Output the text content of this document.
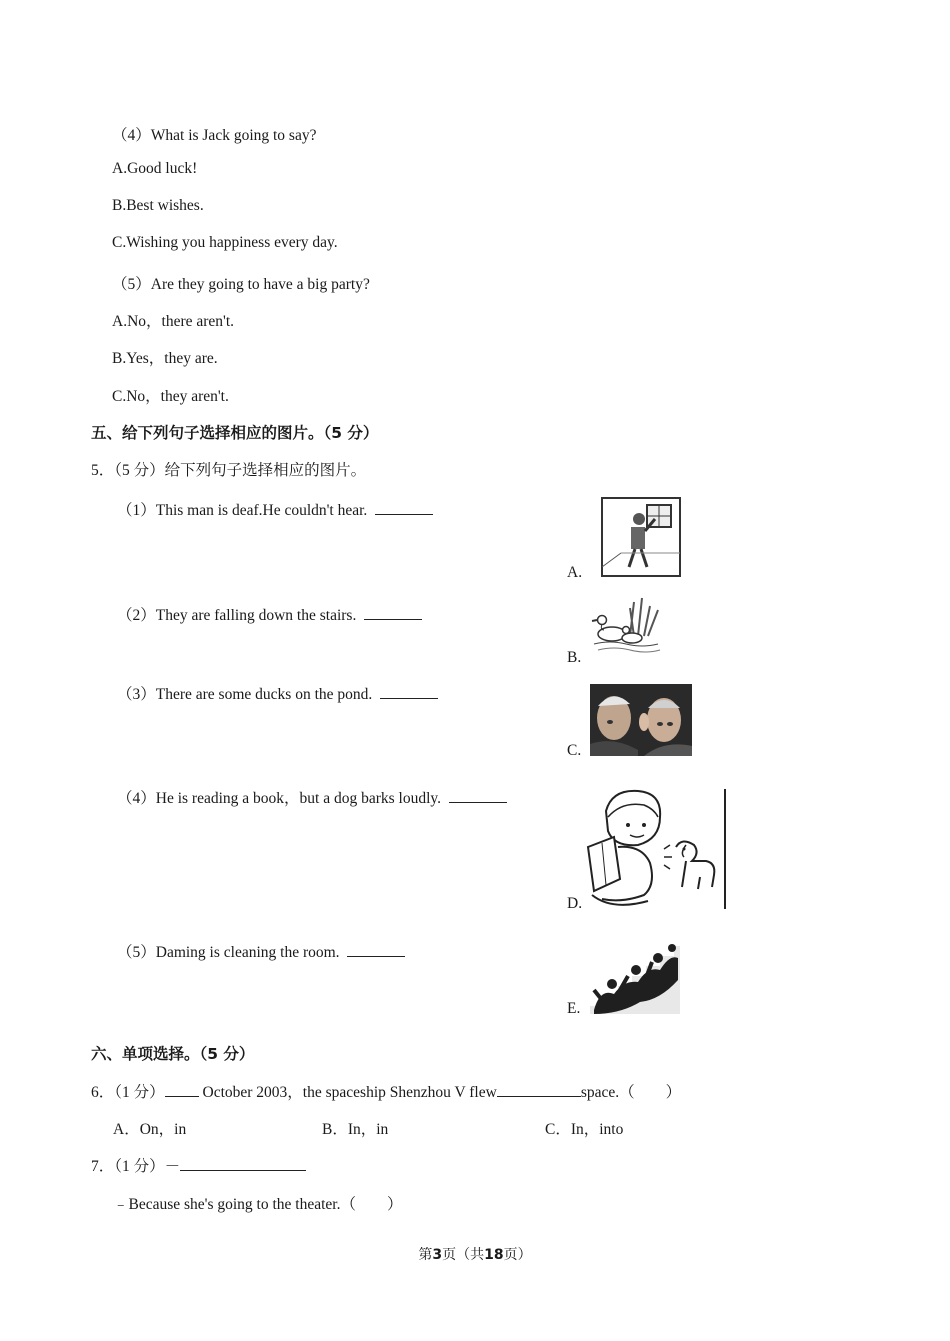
（4）What is Jack going to say?
A.Good luck!
B.Best wishes.
C.Wishing you happiness every day.
（5）Are they going to have a big party?
A.No，there aren't.
B.Yes，they are.
C.No，they aren't.
五、给下列句子选择相应的图片。（5 分）
5．（5 分）给下列句子选择相应的图片。
（1）This man is deaf.He couldn't hear.
（2）They are falling down the stairs.
（3）There are some ducks on the pond.
（4）He is reading a book，but a dog barks loudly.
（5）Daming is cleaning the room.
A.
B.
C.
D.
E.
六、单项选择。（5 分）
6．（1 分） October 2003，the spaceship Shenzhou V flew	space.（　　）
A．On，in	B．In，in	C．In，into
7．（1 分）－
﹣Because she's going to the theater.（　　）
第3页（共18页）
